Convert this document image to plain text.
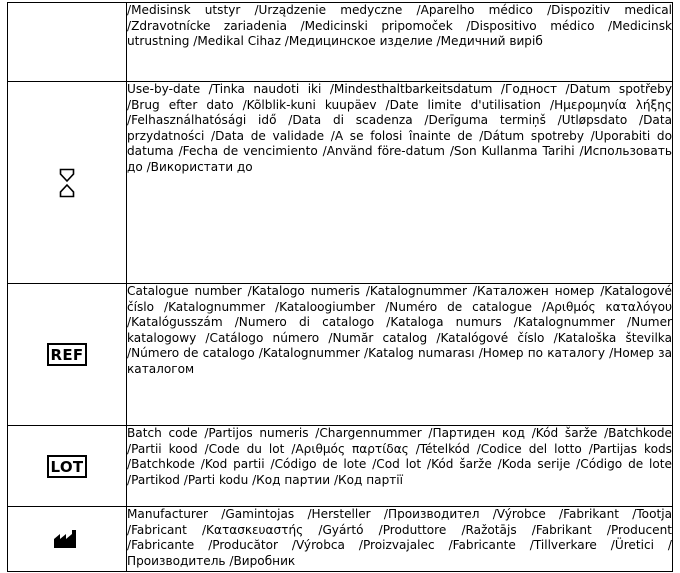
	/Medisinsk utstyr /Urządzenie medyczne /Aparelho médico /Dispozitiv medical /Zdravotnícke zariadenia /Medicinski pripomoček /Dispositivo médico /Medicinsk utrustning /Medikal Cihaz /Медицинское изделие /Медичний виріб

	Use-by-date /Tinka naudoti iki /Mindesthaltbarkeitsdatum /Годност /Datum spotřeby /Brug efter dato /Kõlblik-kuni kuupäev /Date limite d'utilisation /Ημερομηνία λήξης /Felhasználhatósági idő /Data di scadenza /Derīguma termiņš /Utløpsdato /Data przydatności /Data de validade /A se folosi înainte de /Dátum spotreby /Uporabiti do datuma /Fecha de vencimiento /Använd före-datum /Son Kullanma Tarihi /Использовать до /Використати до
REF	Catalogue number /Katalogo numeris /Katalognummer /Каталожен номер /Katalogové číslo /Katalognummer /Kataloogiumber /Numéro de catalogue /Αριθμός καταλόγου /Katalógusszám /Numero di catalogo /Kataloga numurs /Katalognummer /Numer katalogowy /Catálogo número /Număr catalog /Katalógové číslo /Kataloška številka /Número de catalogo /Katalognummer /Katalog numarası /Номер по каталогу /Номер за каталогом
LOT	Batch code /Partijos numeris /Chargennummer /Партиден код /Kód šarže /Batchkode /Partii kood /Code du lot /Αριθμός παρτίδας /Tételkód /Codice del lotto /Partijas kods /Batchkode /Kod partii /Código de lote /Cod lot /Kód šarže /Koda serije /Código de lote /Partikod /Parti kodu /Код партии /Код партії

	Manufacturer /Gamintojas /Hersteller /Производител /Výrobce /Fabrikant /Tootja /Fabricant /Κατασκευαστής /Gyártó /Produttore /Ražotājs /Fabrikant /Producent /Fabricante /Producător /Výrobca /Proizvajalec /Fabricante /Tillverkare /Üretici /Производитель /Виробник
